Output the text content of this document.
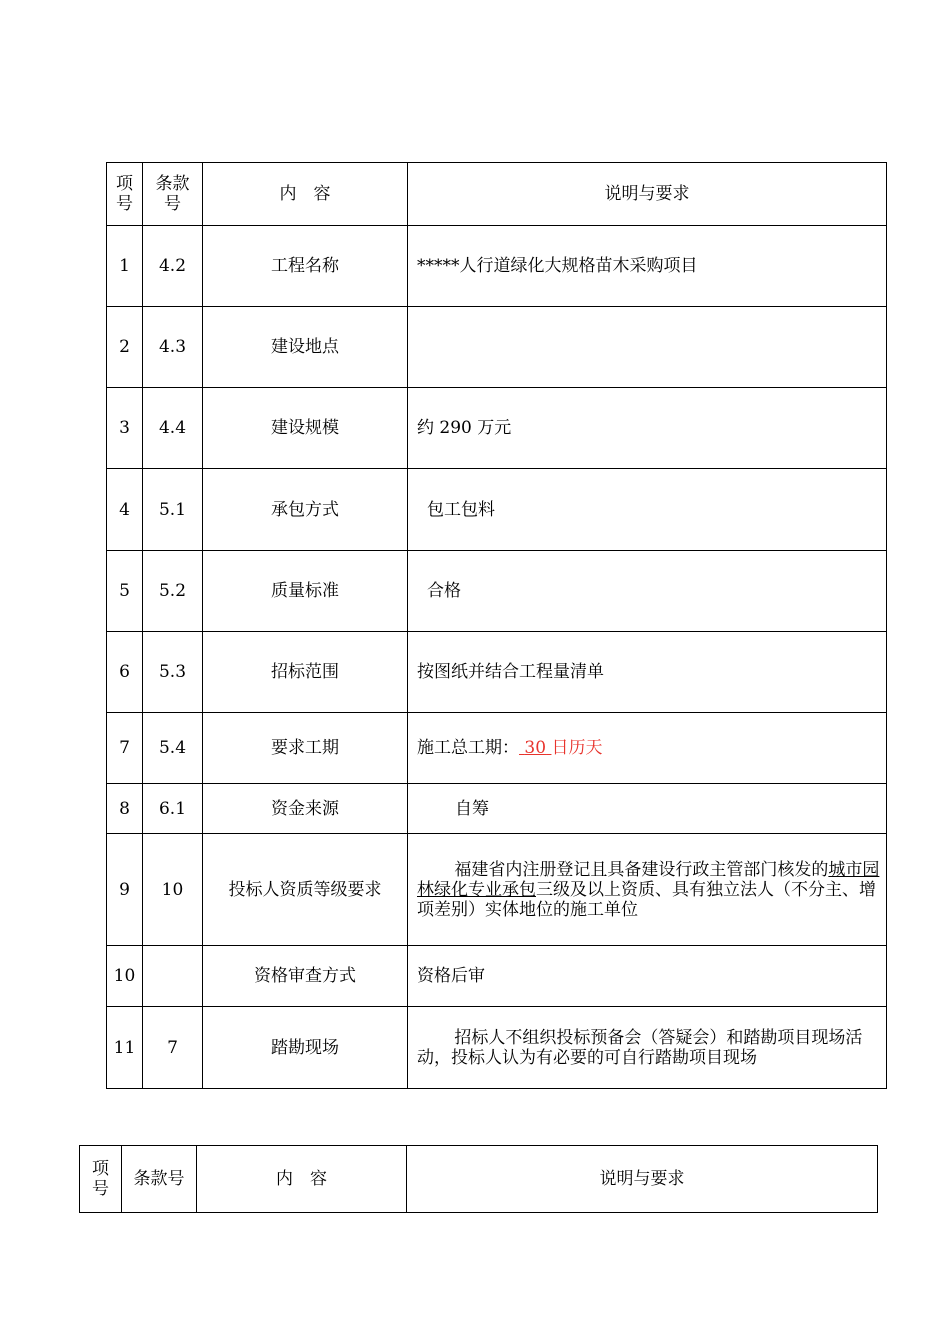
项号	条款号	内　容	说明与要求
1	4.2	工程名称	*****人行道绿化大规格苗木采购项目
2	4.3	建设地点	
3	4.4	建设规模	约 290 万元
4	5.1	承包方式	包工包料
5	5.2	质量标准	合格
6	5.3	招标范围	按图纸并结合工程量清单
7	5.4	要求工期	施工总工期： 30 日历天
8	6.1	资金来源	自筹
9	10	投标人资质等级要求	福建省内注册登记且具备建设行政主管部门核发的城市园林绿化专业承包三级及以上资质、具有独立法人（不分主、增项差别）实体地位的施工单位

10		资格审查方式	资格后审
11	7	踏勘现场	招标人不组织投标预备会（答疑会）和踏勘项目现场活动，投标人认为有必要的可自行踏勘项目现场
项号	条款号	内　容	说明与要求
